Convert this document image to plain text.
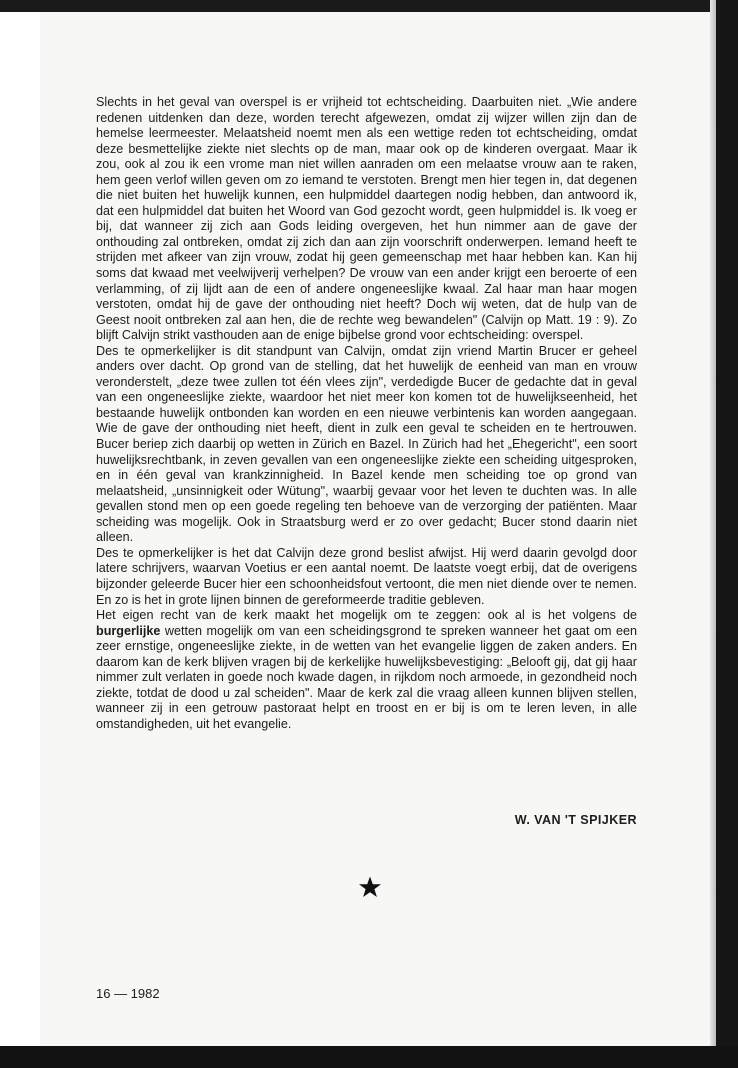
Slechts in het geval van overspel is er vrijheid tot echtscheiding. Daarbuiten niet. „Wie andere redenen uitdenken dan deze, worden terecht afgewezen, omdat zij wijzer willen zijn dan de hemelse leermeester. Melaatsheid noemt men als een wettige reden tot echtscheiding, omdat deze besmettelijke ziekte niet slechts op de man, maar ook op de kinderen overgaat. Maar ik zou, ook al zou ik een vrome man niet willen aanraden om een melaatse vrouw aan te raken, hem geen verlof willen geven om zo iemand te verstoten. Brengt men hier tegen in, dat degenen die niet buiten het huwelijk kunnen, een hulpmiddel daartegen nodig hebben, dan antwoord ik, dat een hulpmiddel dat buiten het Woord van God gezocht wordt, geen hulpmiddel is. Ik voeg er bij, dat wanneer zij zich aan Gods leiding overgeven, het hun nimmer aan de gave der onthouding zal ontbreken, omdat zij zich dan aan zijn voorschrift onderwerpen. Iemand heeft te strijden met afkeer van zijn vrouw, zodat hij geen gemeenschap met haar hebben kan. Kan hij soms dat kwaad met veelwijverij verhelpen? De vrouw van een ander krijgt een beroerte of een verlamming, of zij lijdt aan de een of andere ongeneeslijke kwaal. Zal haar man haar mogen verstoten, omdat hij de gave der onthouding niet heeft? Doch wij weten, dat de hulp van de Geest nooit ontbreken zal aan hen, die de rechte weg bewandelen" (Calvijn op Matt. 19 : 9). Zo blijft Calvijn strikt vasthouden aan de enige bijbelse grond voor echtscheiding: overspel.

Des te opmerkelijker is dit standpunt van Calvijn, omdat zijn vriend Martin Brucer er geheel anders over dacht. Op grond van de stelling, dat het huwelijk de eenheid van man en vrouw veronderstelt, „deze twee zullen tot één vlees zijn", verdedigde Bucer de gedachte dat in geval van een ongeneeslijke ziekte, waardoor het niet meer kon komen tot de huwelijkseenheid, het bestaande huwelijk ontbonden kan worden en een nieuwe verbintenis kan worden aangegaan. Wie de gave der onthouding niet heeft, dient in zulk een geval te scheiden en te hertrouwen. Bucer beriep zich daarbij op wetten in Zürich en Bazel. In Zürich had het „Ehegericht", een soort huwelijksrechtbank, in zeven gevallen van een ongeneeslijke ziekte een scheiding uitgesproken, en in één geval van krankzinnigheid. In Bazel kende men scheiding toe op grond van melaatsheid, „unsinnigkeit oder Wütung", waarbij gevaar voor het leven te duchten was. In alle gevallen stond men op een goede regeling ten behoeve van de verzorging der patiënten. Maar scheiding was mogelijk. Ook in Straatsburg werd er zo over gedacht; Bucer stond daarin niet alleen.

Des te opmerkelijker is het dat Calvijn deze grond beslist afwijst. Hij werd daarin gevolgd door latere schrijvers, waarvan Voetius er een aantal noemt. De laatste voegt erbij, dat de overigens bijzonder geleerde Bucer hier een schoonheidsfout vertoont, die men niet diende over te nemen. En zo is het in grote lijnen binnen de gereformeerde traditie gebleven.

Het eigen recht van de kerk maakt het mogelijk om te zeggen: ook al is het volgens de burgerlijke wetten mogelijk om van een scheidingsgrond te spreken wanneer het gaat om een zeer ernstige, ongeneeslijke ziekte, in de wetten van het evangelie liggen de zaken anders. En daarom kan de kerk blijven vragen bij de kerkelijke huwelijksbevestiging: „Belooft gij, dat gij haar nimmer zult verlaten in goede noch kwade dagen, in rijkdom noch armoede, in gezondheid noch ziekte, totdat de dood u zal scheiden". Maar de kerk zal die vraag alleen kunnen blijven stellen, wanneer zij in een getrouw pastoraat helpt en troost en er bij is om te leren leven, in alle omstandigheden, uit het evangelie.

W. VAN 'T SPIJKER
16 — 1982
